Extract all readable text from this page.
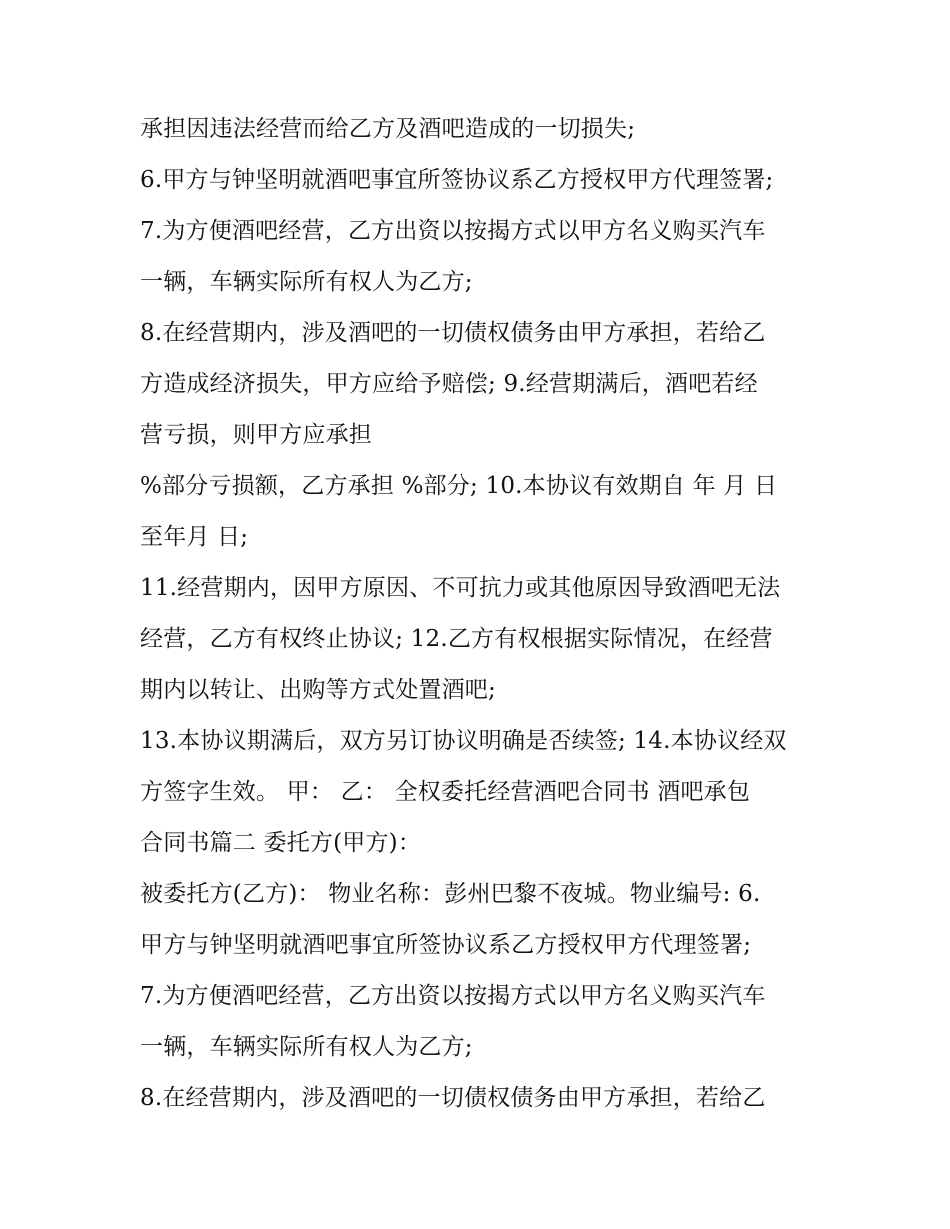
承担因违法经营而给乙方及酒吧造成的一切损失;
6.甲方与钟坚明就酒吧事宜所签协议系乙方授权甲方代理签署;
7.为方便酒吧经营，乙方出资以按揭方式以甲方名义购买汽车
一辆，车辆实际所有权人为乙方;
8.在经营期内，涉及酒吧的一切债权债务由甲方承担，若给乙
方造成经济损失，甲方应给予赔偿; 9.经营期满后，酒吧若经
营亏损，则甲方应承担
%部分亏损额，乙方承担 %部分; 10.本协议有效期自 年 月 日
至年月 日;
11.经营期内，因甲方原因、不可抗力或其他原因导致酒吧无法
经营，乙方有权终止协议; 12.乙方有权根据实际情况，在经营
期内以转让、出购等方式处置酒吧;
13.本协议期满后，双方另订协议明确是否续签; 14.本协议经双
方签字生效。 甲： 乙： 全权委托经营酒吧合同书 酒吧承包
合同书篇二 委托方(甲方)：
被委托方(乙方)： 物业名称：彭州巴黎不夜城。物业编号: 6.
甲方与钟坚明就酒吧事宜所签协议系乙方授权甲方代理签署;
7.为方便酒吧经营，乙方出资以按揭方式以甲方名义购买汽车
一辆，车辆实际所有权人为乙方;
8.在经营期内，涉及酒吧的一切债权债务由甲方承担，若给乙
